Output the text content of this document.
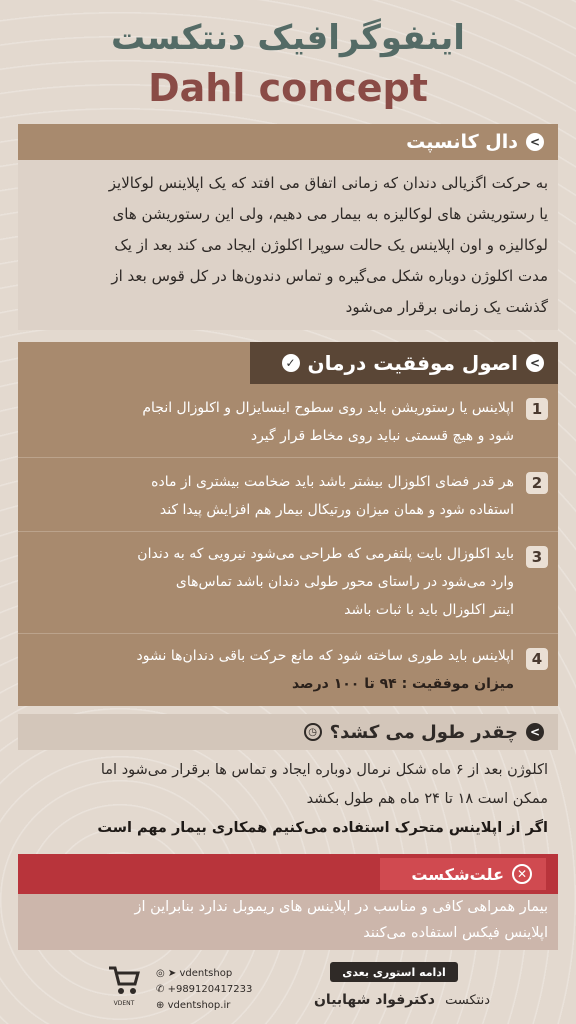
اینفوگرافیک دنتکست
Dahl concept
دال کانسپت <
به حرکت اگزیالی دندان که زمانی اتفاق می افتد که یک اپلاینس لوکالایز
یا رستوریشن های لوکالیزه به بیمار می دهیم، ولی این رستوریشن های
لوکالیزه و اون اپلاینس یک حالت سوپرا اکلوژن ایجاد می کند بعد از یک
مدت اکلوژن دوباره شکل می‌گیره و تماس دندون‌ها در کل قوس بعد از
گذشت یک زمانی برقرار می‌شود
✓ اصول موفقیت درمان <
1
اپلاینس یا رستوریشن باید روی سطوح اینسایزال و اکلوزال انجام
شود و هیچ قسمتی نباید روی مخاط قرار گیرد
2
هر قدر فضای اکلوزال بیشتر باشد باید ضخامت بیشتری از ماده
استفاده شود و همان میزان ورتیکال بیمار هم افزایش پیدا کند
3
باید اکلوزال بایت پلتفرمی که طراحی می‌شود نیرویی که به دندان
وارد می‌شود در راستای محور طولی دندان باشد تماس‌های
اینتر اکلوزال باید با ثبات باشد
4
اپلاینس باید طوری ساخته شود که مانع حرکت باقی دندان‌ها نشود
میزان موفقیت : ۹۴ تا ۱۰۰ درصد
◷ چقدر طول می کشد؟ <
اکلوژن بعد از ۶ ماه شکل نرمال دوباره ایجاد و تماس ها برقرار می‌شود اما
ممکن است ۱۸ تا ۲۴ ماه هم طول بکشد
اگر از اپلاینس متحرک استفاده می‌کنیم همکاری بیمار مهم است
علت‌شکست	✕
بیمار همراهی کافی و مناسب در اپلاینس های ریموبل ندارد بنابراین از
اپلاینس فیکس استفاده می‌کنند
ادامه استوری بعدی
دنتکست دکترفواد شهابیان
◎ ➤ vdentshop
✆ +989120417233
⊕ vdentshop.ir
VDENT
